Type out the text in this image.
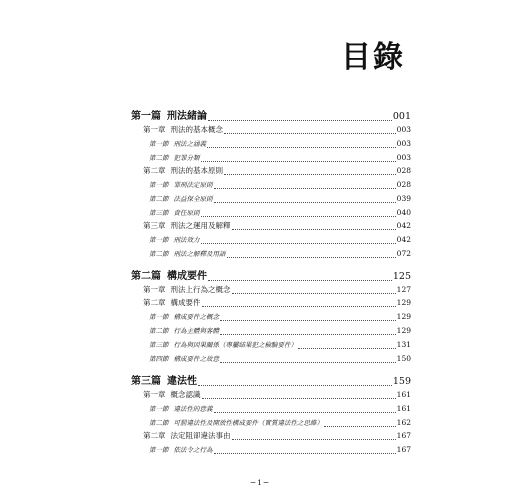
目錄
第一篇 刑法緒論	001
第一章 刑法的基本概念	003
第一節 刑法之涵義	003
第二節 犯罪分類	003
第二章 刑法的基本原則	028
第一節 罪刑法定原則	028
第二節 法益保全原則	039
第三節 責任原則	040
第三章 刑法之運用及解釋	042
第一節 刑法效力	042
第二節 刑法之解釋及用語	072
第二篇 構成要件	125
第一章 刑法上行為之概念	127
第二章 構成要件	129
第一節 構成要件之概念	129
第二節 行為主體與客體	129
第三節 行為與因果關係（專屬結果犯之檢驗要件）	131
第四節 構成要件之故意	150
第三篇 違法性	159
第一章 概念認識	161
第一節 違法性的意義	161
第二節 可罰違法性及開放性構成要件（實質違法性之思維）	162
第二章 法定阻卻違法事由	167
第一節 依法令之行為	167
−1−
